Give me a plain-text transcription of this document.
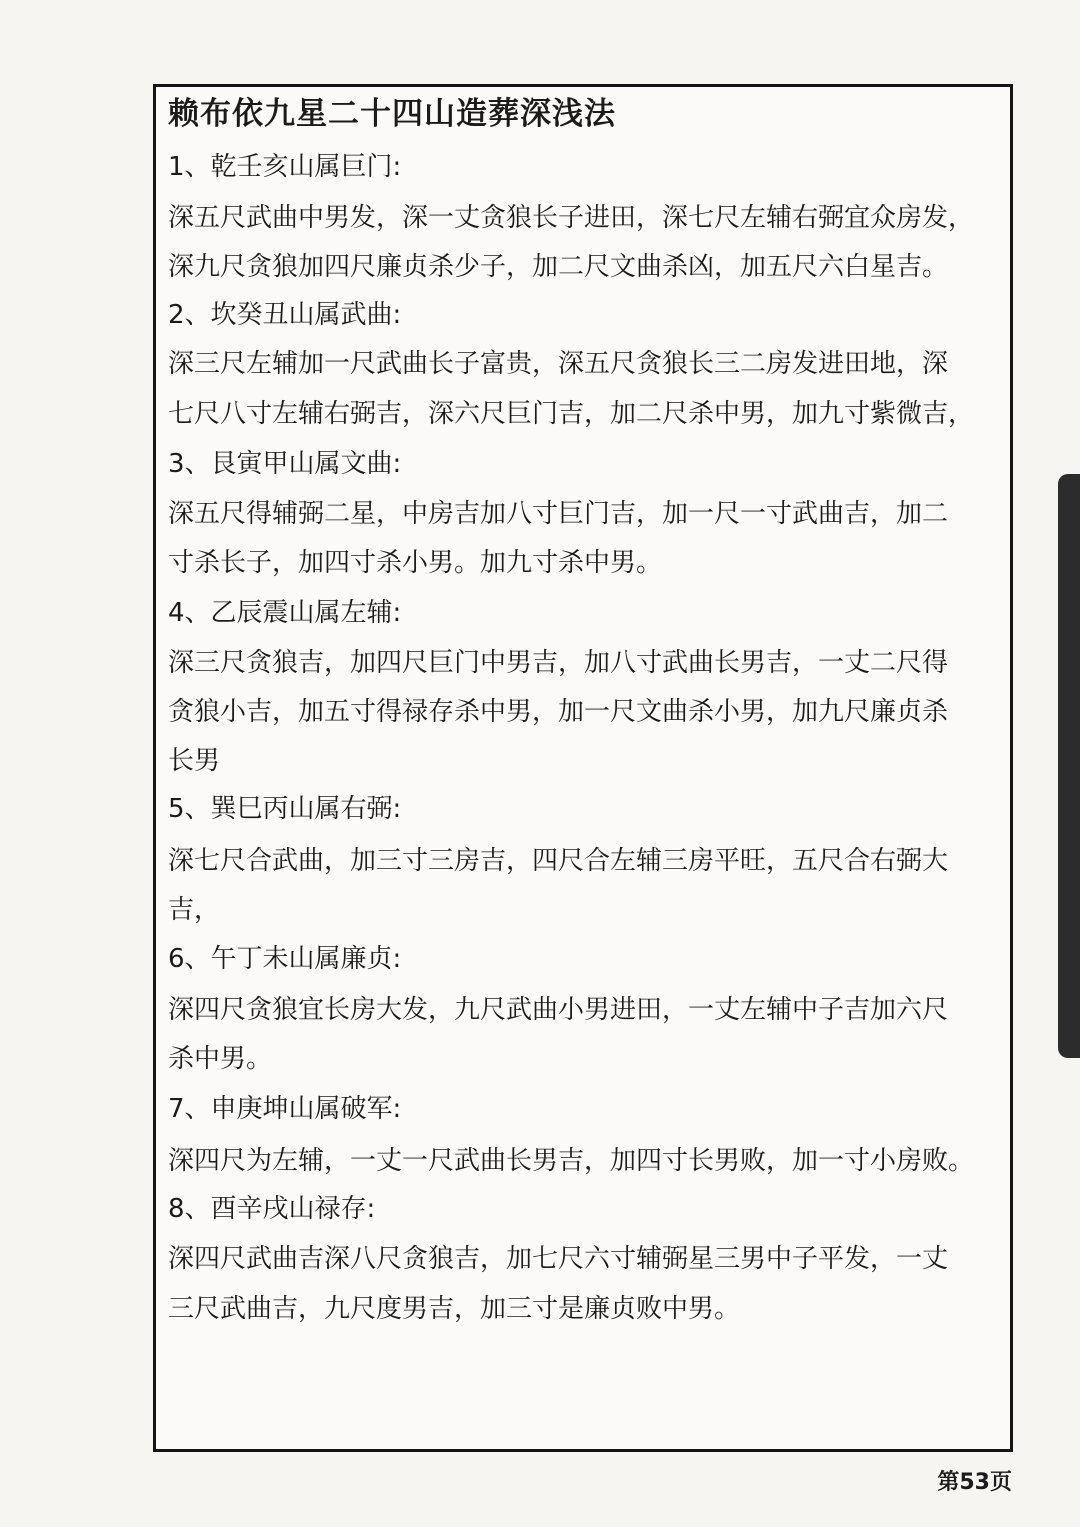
赖布依九星二十四山造葬深浅法
1、乾壬亥山属巨门:
深五尺武曲中男发，深一丈贪狼长子进田，深七尺左辅右弼宜众房发，
深九尺贪狼加四尺廉贞杀少子，加二尺文曲杀凶，加五尺六白星吉。
2、坎癸丑山属武曲:
深三尺左辅加一尺武曲长子富贵，深五尺贪狼长三二房发进田地，深
七尺八寸左辅右弼吉，深六尺巨门吉，加二尺杀中男，加九寸紫微吉，
3、艮寅甲山属文曲:
深五尺得辅弼二星，中房吉加八寸巨门吉，加一尺一寸武曲吉，加二
寸杀长子，加四寸杀小男。加九寸杀中男。
4、乙辰震山属左辅:
深三尺贪狼吉，加四尺巨门中男吉，加八寸武曲长男吉，一丈二尺得
贪狼小吉，加五寸得禄存杀中男，加一尺文曲杀小男，加九尺廉贞杀
长男
5、巽巳丙山属右弼:
深七尺合武曲，加三寸三房吉，四尺合左辅三房平旺，五尺合右弼大
吉，
6、午丁未山属廉贞:
深四尺贪狼宜长房大发，九尺武曲小男进田，一丈左辅中子吉加六尺
杀中男。
7、申庚坤山属破军:
深四尺为左辅，一丈一尺武曲长男吉，加四寸长男败，加一寸小房败。
8、酉辛戌山禄存:
深四尺武曲吉深八尺贪狼吉，加七尺六寸辅弼星三男中子平发，一丈
三尺武曲吉，九尺度男吉，加三寸是廉贞败中男。
第53页
